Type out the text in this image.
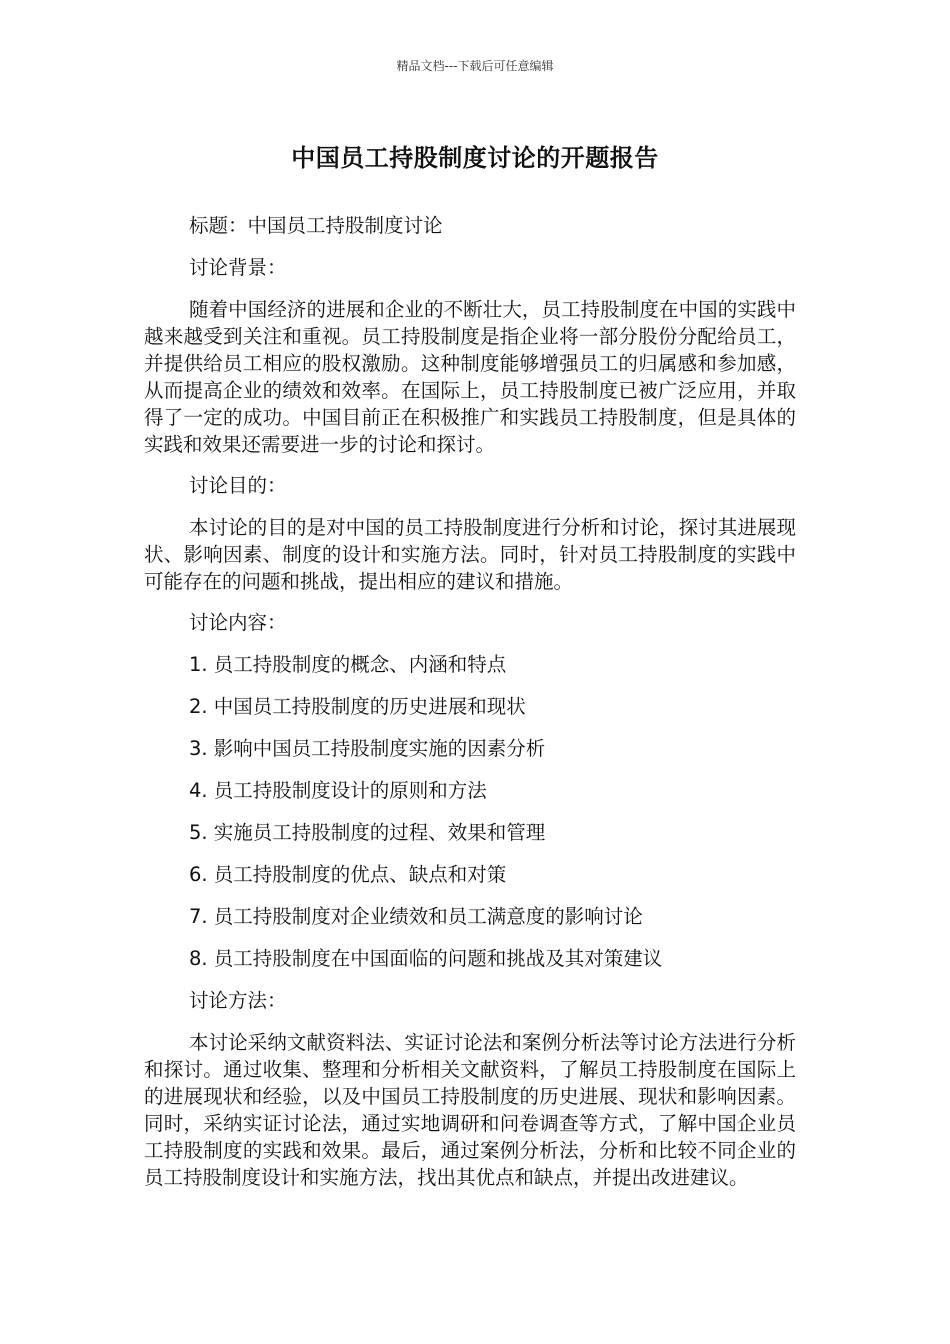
精品文档---下载后可任意编辑
中国员工持股制度讨论的开题报告
标题：中国员工持股制度讨论
讨论背景：

随着中国经济的进展和企业的不断壮大，员工持股制度在中国的实践中越来越受到关注和重视。员工持股制度是指企业将一部分股份分配给员工，并提供给员工相应的股权激励。这种制度能够增强员工的归属感和参加感，从而提高企业的绩效和效率。在国际上，员工持股制度已被广泛应用，并取得了一定的成功。中国目前正在积极推广和实践员工持股制度，但是具体的实践和效果还需要进一步的讨论和探讨。

讨论目的：

本讨论的目的是对中国的员工持股制度进行分析和讨论，探讨其进展现状、影响因素、制度的设计和实施方法。同时，针对员工持股制度的实践中可能存在的问题和挑战，提出相应的建议和措施。

讨论内容：
1. 员工持股制度的概念、内涵和特点
2. 中国员工持股制度的历史进展和现状
3. 影响中国员工持股制度实施的因素分析
4. 员工持股制度设计的原则和方法
5. 实施员工持股制度的过程、效果和管理
6. 员工持股制度的优点、缺点和对策
7. 员工持股制度对企业绩效和员工满意度的影响讨论
8. 员工持股制度在中国面临的问题和挑战及其对策建议
讨论方法：

本讨论采纳文献资料法、实证讨论法和案例分析法等讨论方法进行分析和探讨。通过收集、整理和分析相关文献资料，了解员工持股制度在国际上的进展现状和经验，以及中国员工持股制度的历史进展、现状和影响因素。同时，采纳实证讨论法，通过实地调研和问卷调查等方式，了解中国企业员工持股制度的实践和效果。最后，通过案例分析法，分析和比较不同企业的员工持股制度设计和实施方法，找出其优点和缺点，并提出改进建议。
